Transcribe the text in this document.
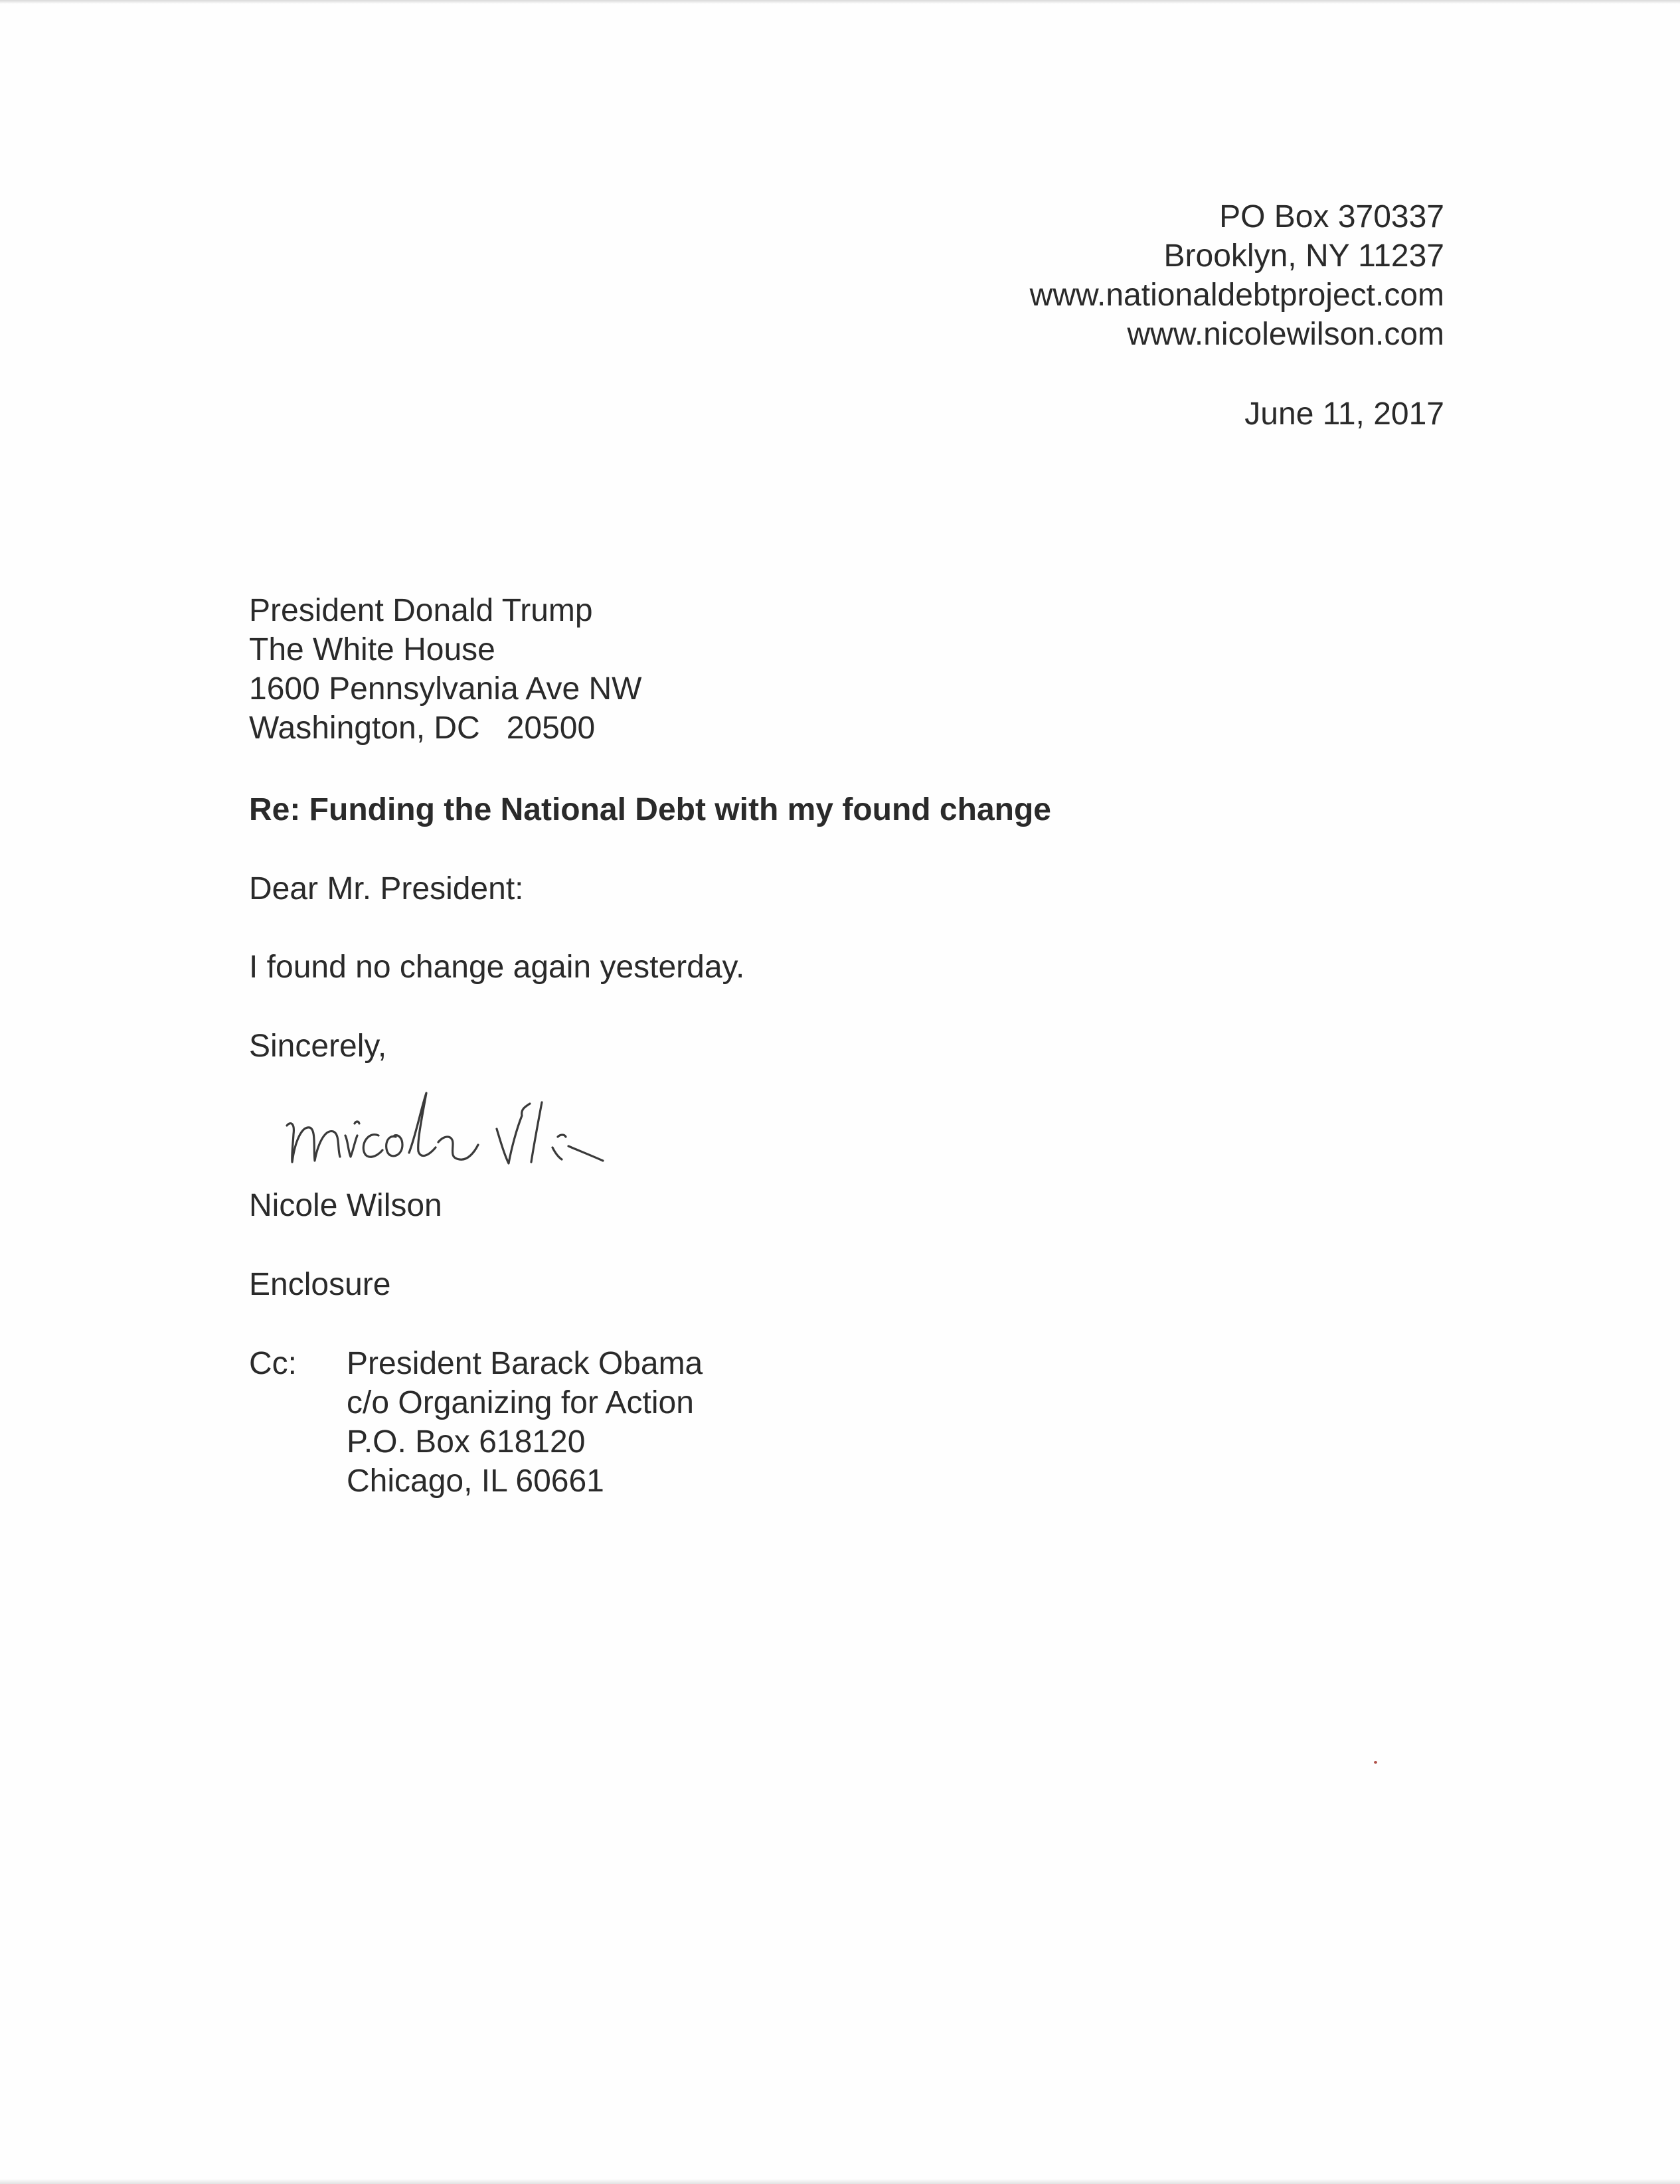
PO Box 370337
Brooklyn, NY 11237
www.nationaldebtproject.com
www.nicolewilson.com
June 11, 2017
President Donald Trump
The White House
1600 Pennsylvania Ave NW
Washington, DC   20500
Re: Funding the National Debt with my found change
Dear Mr. President:
I found no change again yesterday.
Sincerely,
Nicole Wilson
Enclosure
Cc: President Barack Obama
c/o Organizing for Action
P.O. Box 618120
Chicago, IL 60661
